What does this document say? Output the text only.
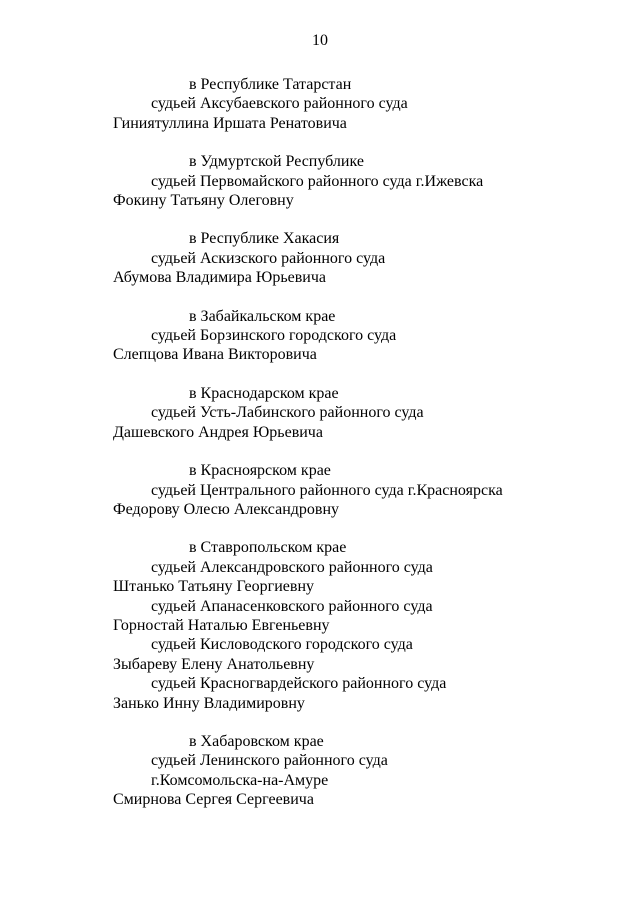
10
в Республике Татарстан
судьей Аксубаевского районного суда
Гиниятуллина Иршата Ренатовича
в Удмуртской Республике
судьей Первомайского районного суда г.Ижевска
Фокину Татьяну Олеговну
в Республике Хакасия
судьей Аскизского районного суда
Абумова Владимира Юрьевича
в Забайкальском крае
судьей Борзинского городского суда
Слепцова Ивана Викторовича
в Краснодарском крае
судьей Усть-Лабинского районного суда
Дашевского Андрея Юрьевича
в Красноярском крае
судьей Центрального районного суда г.Красноярска
Федорову Олесю Александровну
в Ставропольском крае
судьей Александровского районного суда
Штанько Татьяну Георгиевну
судьей Апанасенковского районного суда
Горностай Наталью Евгеньевну
судьей Кисловодского городского суда
Зыбареву Елену Анатольевну
судьей Красногвардейского районного суда
Занько Инну Владимировну
в Хабаровском крае
судьей Ленинского районного суда
г.Комсомольска-на-Амуре
Смирнова Сергея Сергеевича
